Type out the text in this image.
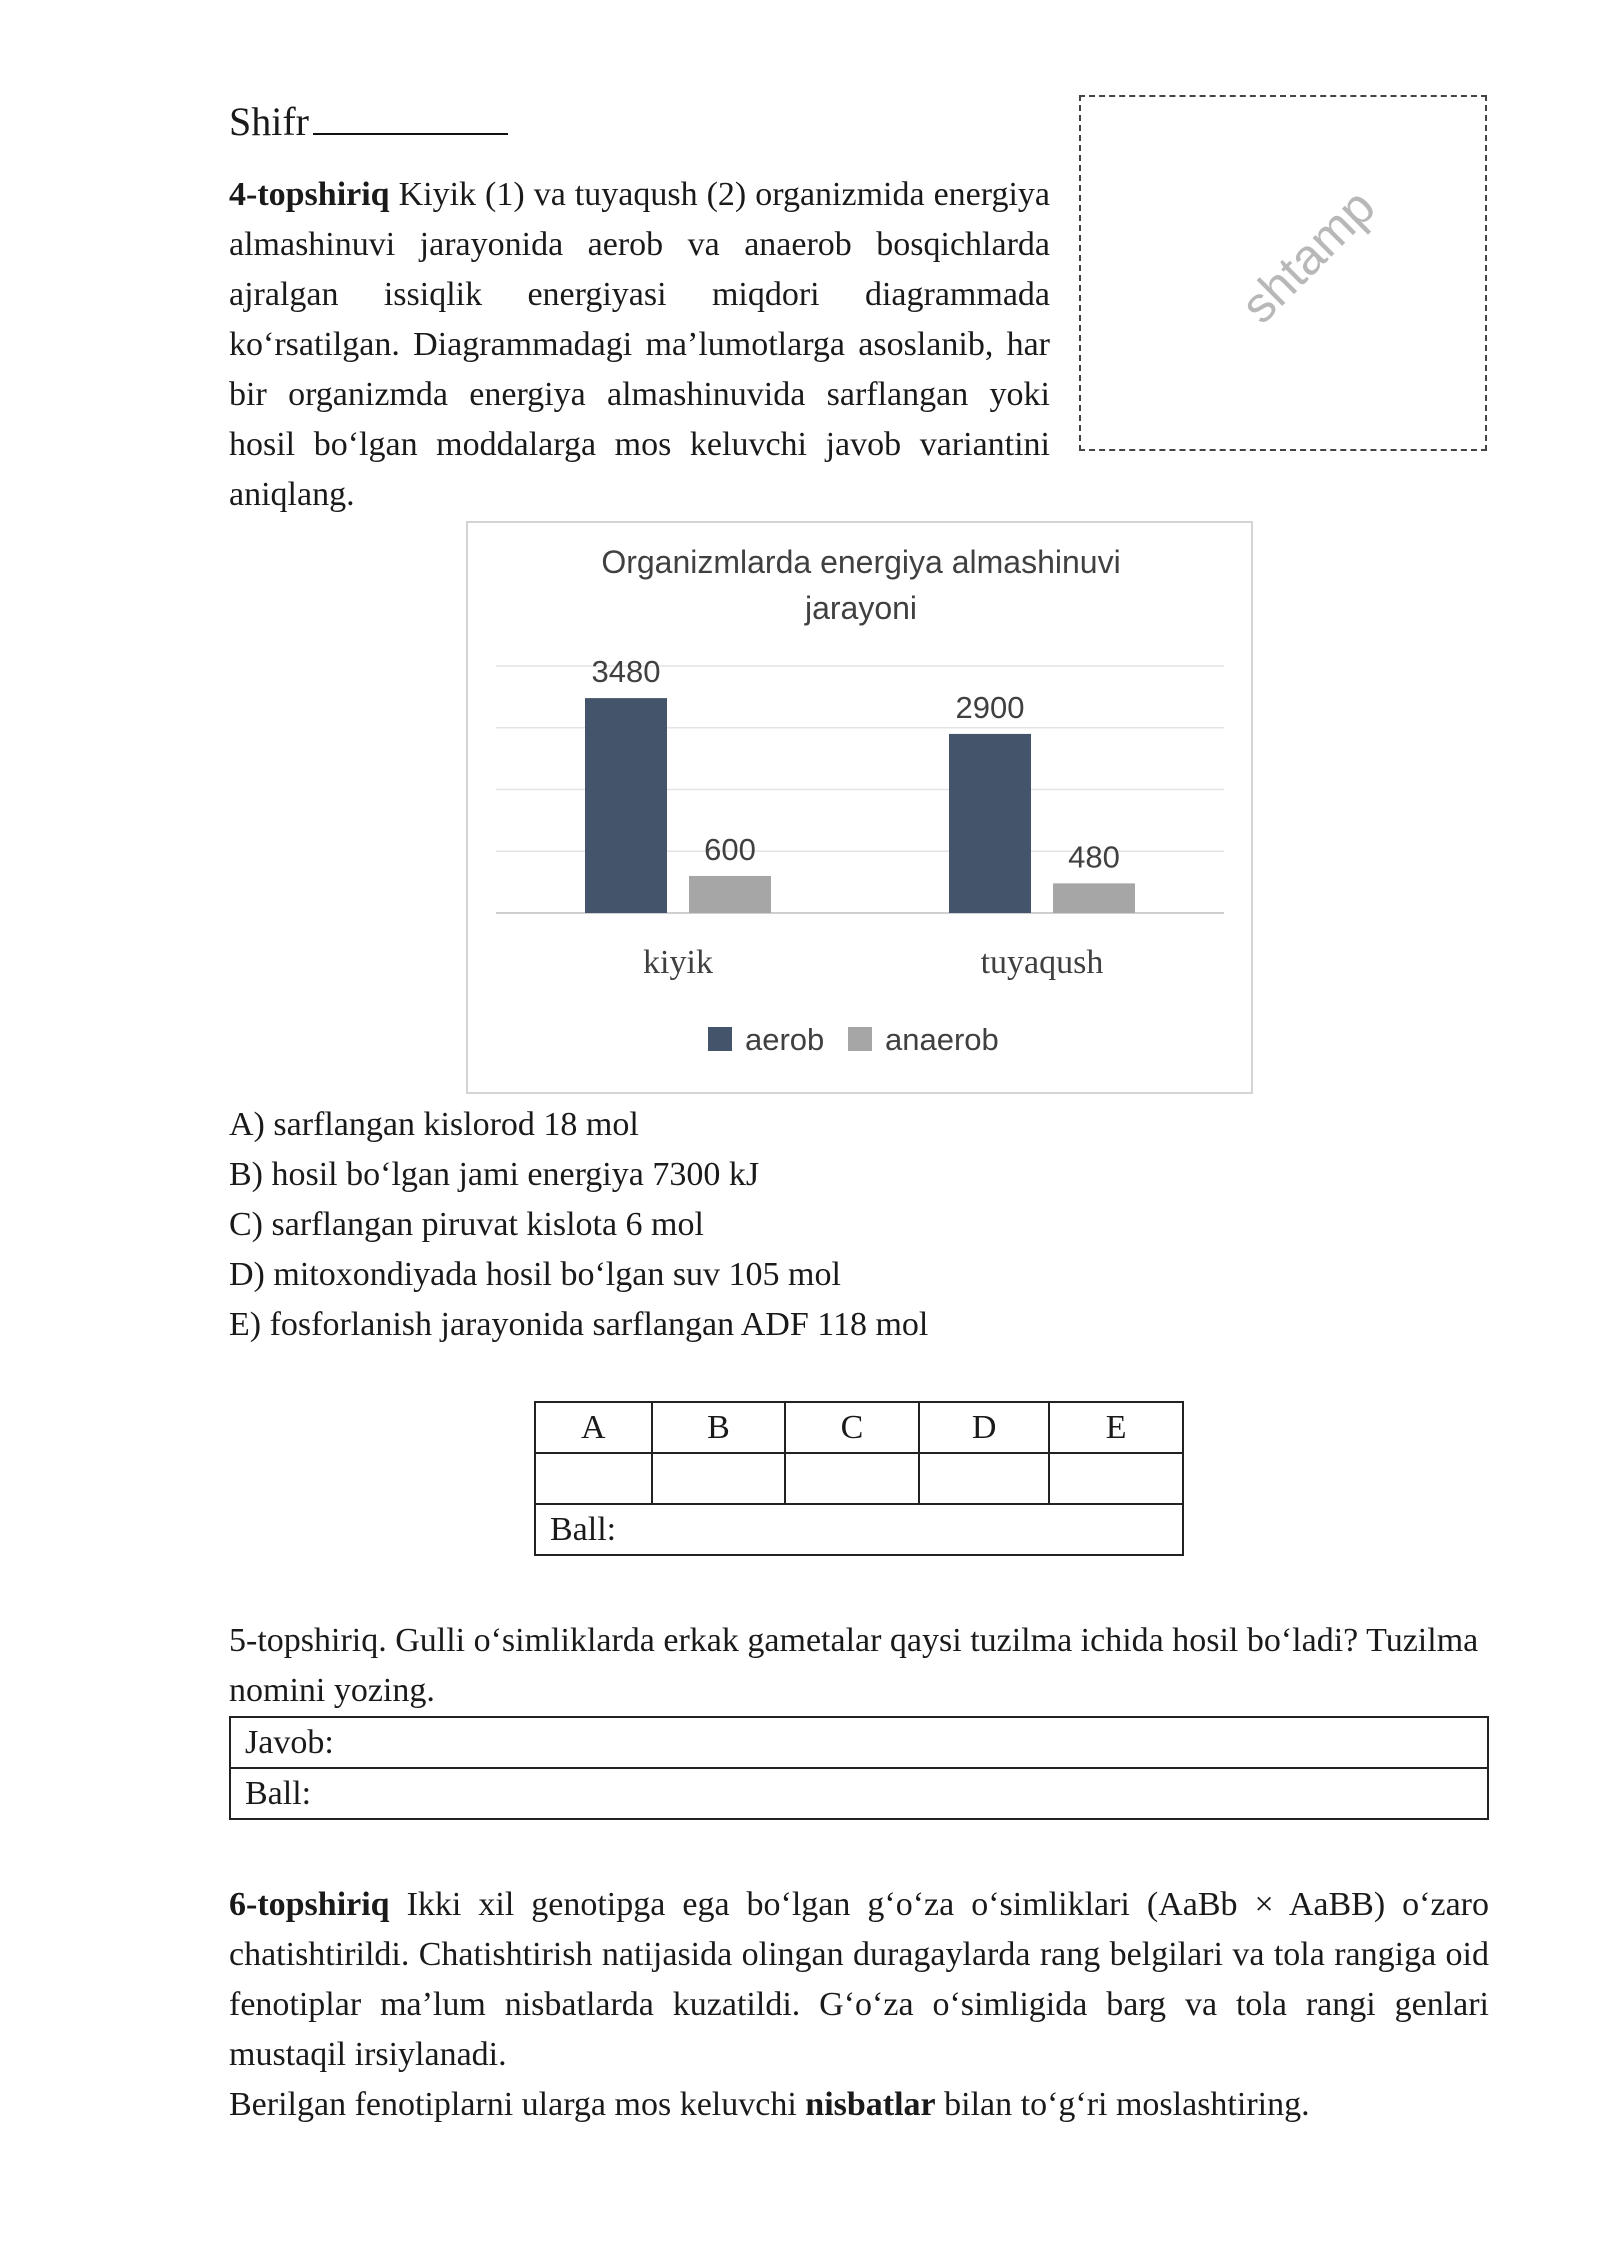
Shifr
shtamp
4-topshiriq Kiyik (1) va tuyaqush (2) organizmida energiya almashinuvi jarayonida aerob va anaerob bosqichlarda ajralgan issiqlik energiyasi miqdori diagrammada ko‘rsatilgan. Diagrammadagi ma’lumotlarga asoslanib, har bir organizmda energiya almashinuvida sarflangan yoki hosil bo‘lgan moddalarga mos keluvchi javob variantini aniqlang.
Organizmlarda energiya almashinuvi
jarayoni
3480
600
kiyik
2900
480
tuyaqush
aerob anaerob
A) sarflangan kislorod 18 mol
B) hosil bo‘lgan jami energiya 7300 kJ
C) sarflangan piruvat kislota 6 mol
D) mitoxondiyada hosil bo‘lgan suv 105 mol
E) fosforlanish jarayonida sarflangan ADF 118 mol
A	B	C	D	E

Ball:				
5-topshiriq. Gulli o‘simliklarda erkak gametalar qaysi tuzilma ichida hosil bo‘ladi? Tuzilma nomini yozing.
Javob:
Ball:
6-topshiriq Ikki xil genotipga ega bo‘lgan g‘o‘za o‘simliklari (AaBb × AaBB) o‘zaro chatishtirildi. Chatishtirish natijasida olingan duragaylarda rang belgilari va tola rangiga oid fenotiplar ma’lum nisbatlarda kuzatildi. G‘o‘za o‘simligida barg va tola rangi genlari mustaqil irsiylanadi.
Berilgan fenotiplarni ularga mos keluvchi nisbatlar bilan to‘g‘ri moslashtiring.
